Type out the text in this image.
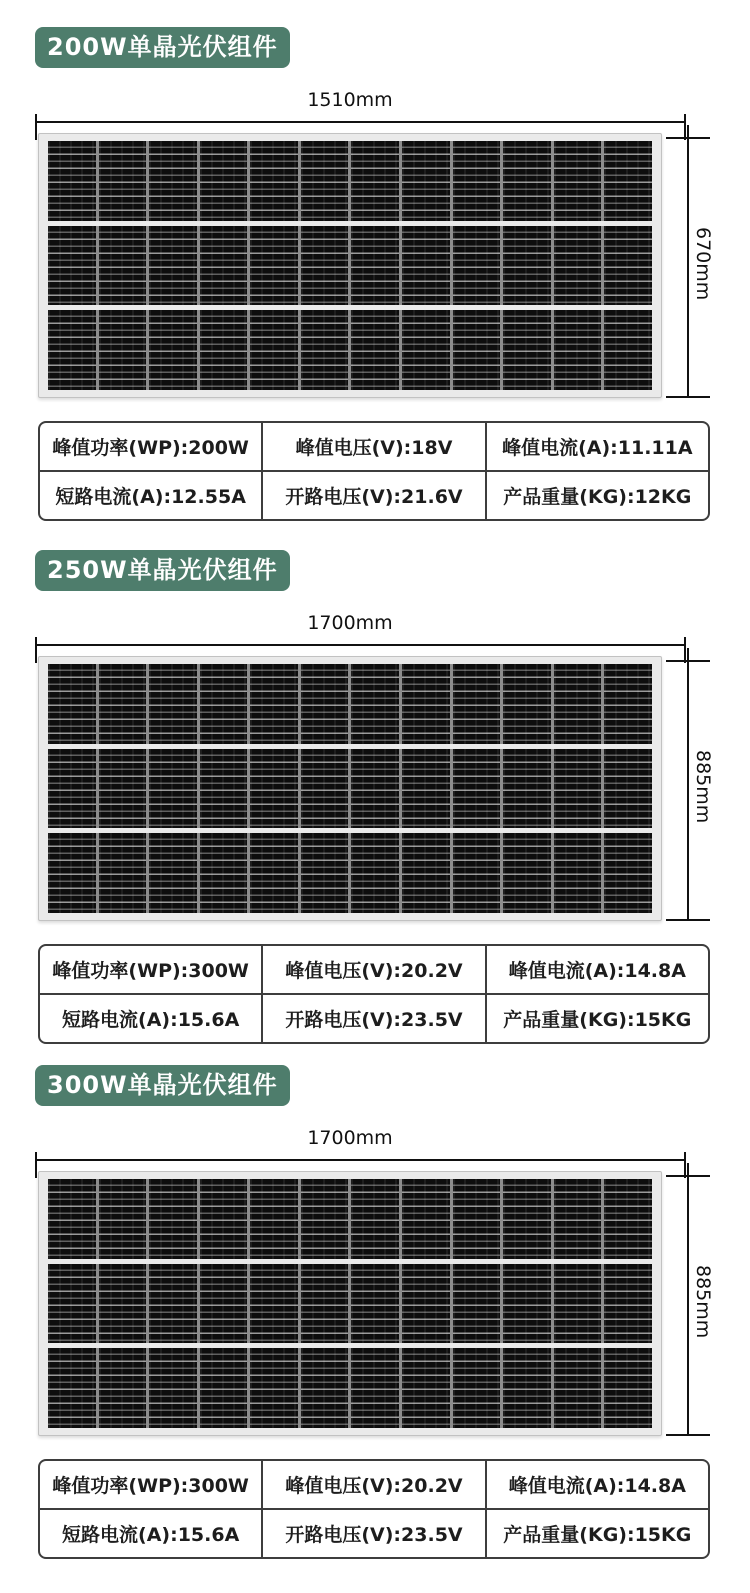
200W单晶光伏组件
1510mm
670mm
峰值功率(WP):200W	峰值电压(V):18V	峰值电流(A):11.11A
短路电流(A):12.55A	开路电压(V):21.6V	产品重量(KG):12KG
250W单晶光伏组件
1700mm
885mm
峰值功率(WP):300W	峰值电压(V):20.2V	峰值电流(A):14.8A
短路电流(A):15.6A	开路电压(V):23.5V	产品重量(KG):15KG
300W单晶光伏组件
1700mm
885mm
峰值功率(WP):300W	峰值电压(V):20.2V	峰值电流(A):14.8A
短路电流(A):15.6A	开路电压(V):23.5V	产品重量(KG):15KG
